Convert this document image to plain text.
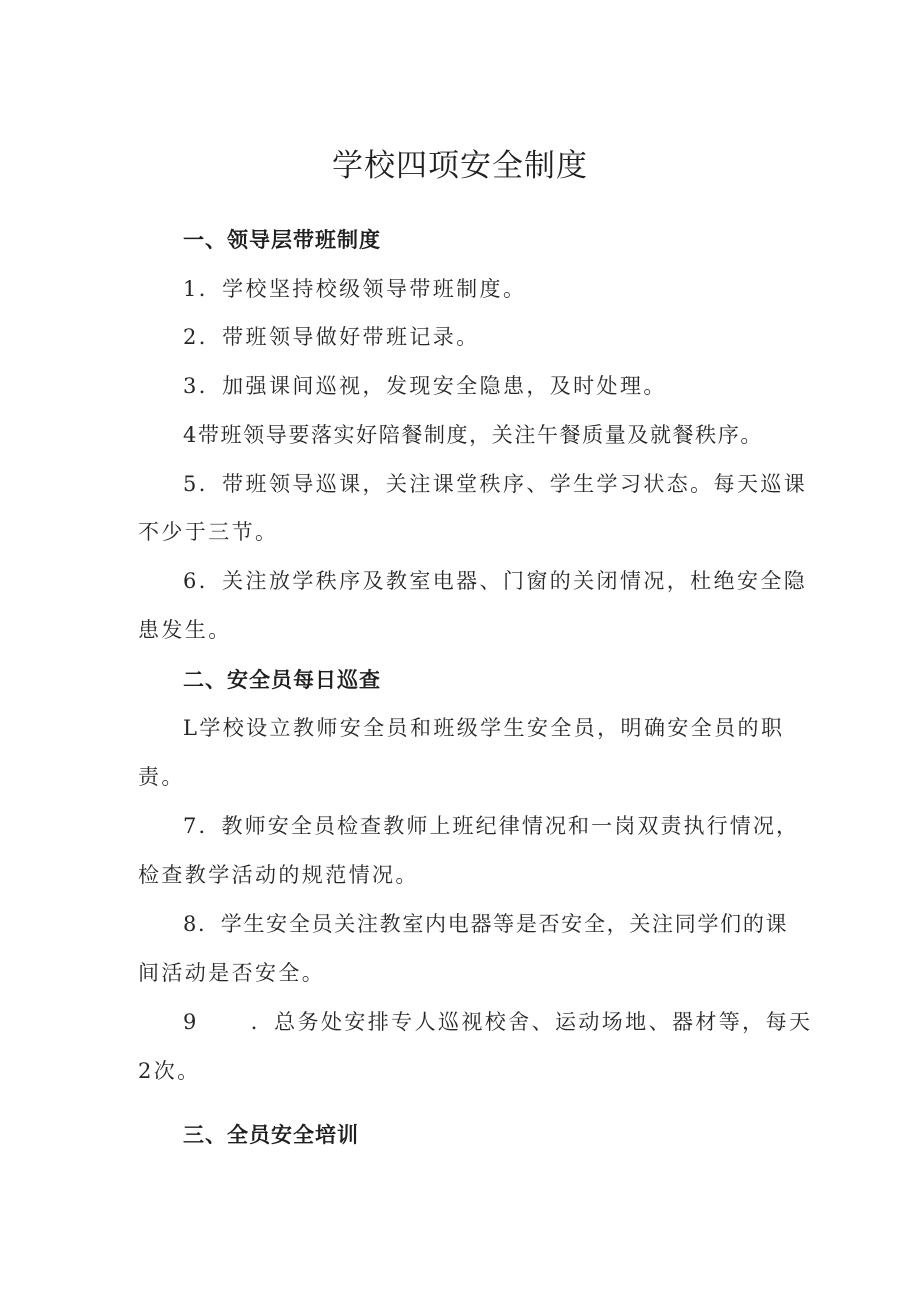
学校四项安全制度
一、领导层带班制度
1．学校坚持校级领导带班制度。
2．带班领导做好带班记录。
3．加强课间巡视，发现安全隐患，及时处理。
4带班领导要落实好陪餐制度，关注午餐质量及就餐秩序。
5．带班领导巡课，关注课堂秩序、学生学习状态。每天巡课
不少于三节。
6．关注放学秩序及教室电器、门窗的关闭情况，杜绝安全隐
患发生。
二、安全员每日巡查
L学校设立教师安全员和班级学生安全员，明确安全员的职
责。
7．教师安全员检查教师上班纪律情况和一岗双责执行情况，
检查教学活动的规范情况。
8．学生安全员关注教室内电器等是否安全，关注同学们的课
间活动是否安全。
9 ．总务处安排专人巡视校舍、运动场地、器材等，每天
2次。
三、全员安全培训
